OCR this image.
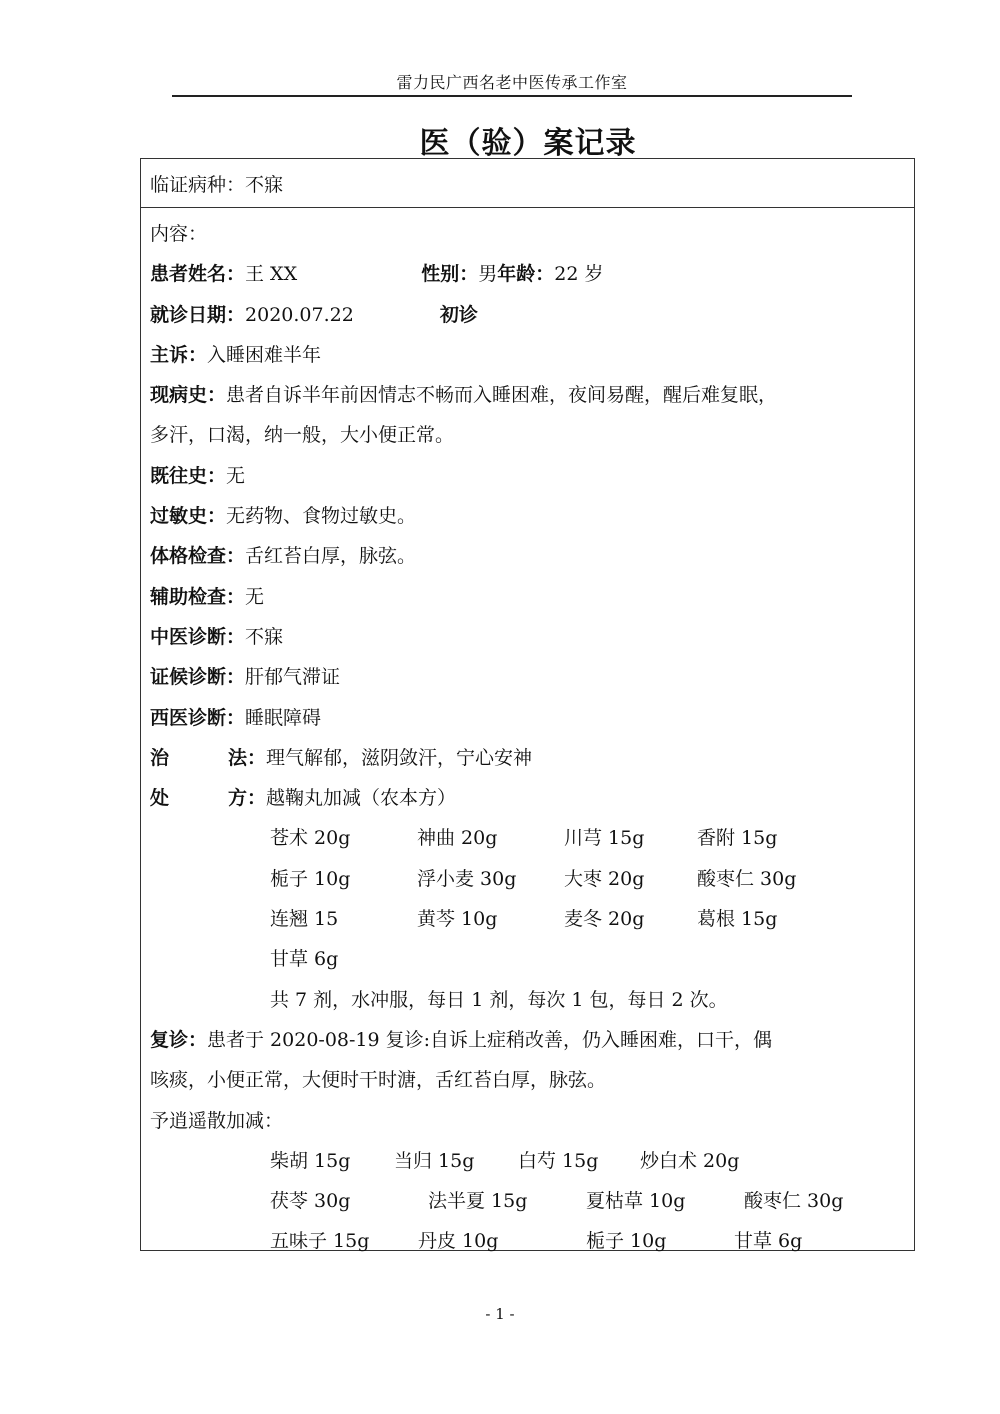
雷力民广西名老中医传承工作室
医（验）案记录
临证病种： 不寐
内容：
患者姓名：王 XX	性别：男年龄：22 岁
就诊日期：2020.07.22	初诊
主诉：入睡困难半年
现病史：患者自诉半年前因情志不畅而入睡困难，夜间易醒，醒后难复眠，
多汗，口渴，纳一般，大小便正常。
既往史：无
过敏史：无药物、食物过敏史。
体格检查：舌红苔白厚，脉弦。
辅助检查：无
中医诊断：不寐
证候诊断：肝郁气滞证
西医诊断：睡眠障碍
治	法：理气解郁，滋阴敛汗，宁心安神
处	方：越鞠丸加减（农本方）
苍术 20g	神曲 20g	川芎 15g	香附 15g
栀子 10g	浮小麦 30g	大枣 20g	酸枣仁 30g
连翘 15	黄芩 10g	麦冬 20g	葛根 15g
甘草 6g
共 7 剂，水冲服，每日 1 剂，每次 1 包，每日 2 次。
复诊：患者于 2020-08-19 复诊:自诉上症稍改善，仍入睡困难，口干，偶
咳痰，小便正常，大便时干时溏，舌红苔白厚，脉弦。
予逍遥散加减：
柴胡 15g 当归 15g 白芍 15g 炒白术 20g
茯苓 30g	法半夏 15g	夏枯草 10g	酸枣仁 30g
五味子 15g	丹皮 10g	栀子 10g	甘草 6g
- 1 -
